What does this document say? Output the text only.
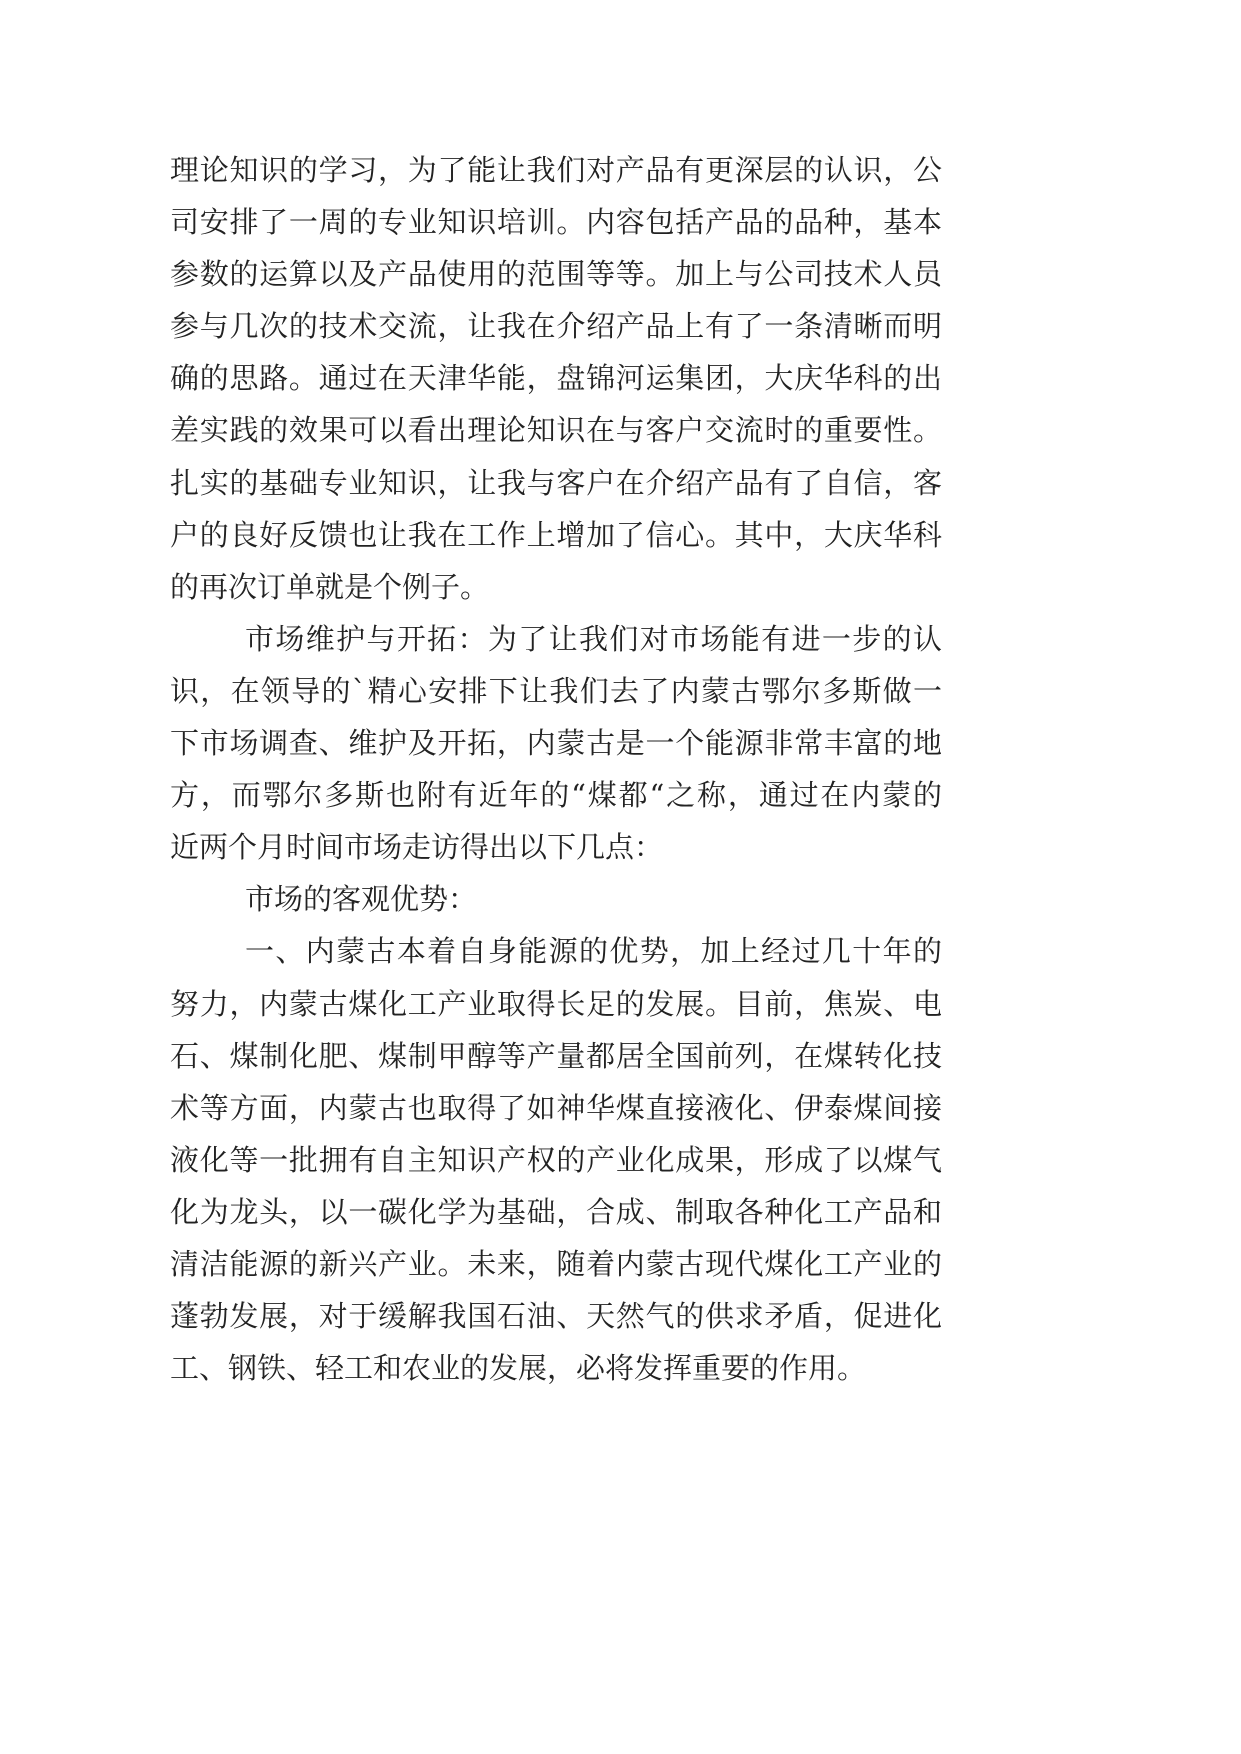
理论知识的学习，为了能让我们对产品有更深层的认识，公
司安排了一周的专业知识培训。内容包括产品的品种，基本
参数的运算以及产品使用的范围等等。加上与公司技术人员
参与几次的技术交流，让我在介绍产品上有了一条清晰而明
确的思路。通过在天津华能，盘锦河运集团，大庆华科的出
差实践的效果可以看出理论知识在与客户交流时的重要性。
扎实的基础专业知识，让我与客户在介绍产品有了自信，客
户的良好反馈也让我在工作上增加了信心。其中，大庆华科
的再次订单就是个例子。
市场维护与开拓：为了让我们对市场能有进一步的认
识，在领导的`精心安排下让我们去了内蒙古鄂尔多斯做一
下市场调查、维护及开拓，内蒙古是一个能源非常丰富的地
方，而鄂尔多斯也附有近年的“煤都“之称，通过在内蒙的
近两个月时间市场走访得出以下几点：
市场的客观优势：
一、内蒙古本着自身能源的优势，加上经过几十年的
努力，内蒙古煤化工产业取得长足的发展。目前，焦炭、电
石、煤制化肥、煤制甲醇等产量都居全国前列，在煤转化技
术等方面，内蒙古也取得了如神华煤直接液化、伊泰煤间接
液化等一批拥有自主知识产权的产业化成果，形成了以煤气
化为龙头，以一碳化学为基础，合成、制取各种化工产品和
清洁能源的新兴产业。未来，随着内蒙古现代煤化工产业的
蓬勃发展，对于缓解我国石油、天然气的供求矛盾，促进化
工、钢铁、轻工和农业的发展，必将发挥重要的作用。
